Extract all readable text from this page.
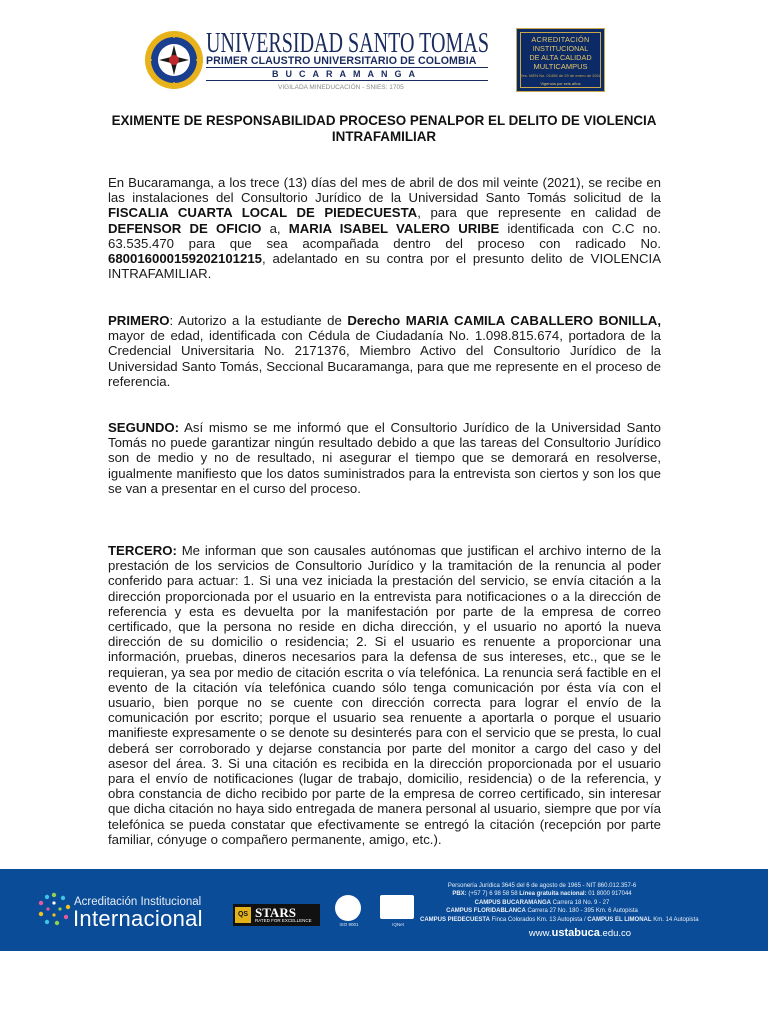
UNIVERSIDAD SANTO TOMAS
PRIMER CLAUSTRO UNIVERSITARIO DE COLOMBIA
BUCARAMANGA
VIGILADA MINEDUCACIÓN - SNIES: 1705
ACREDITACIÓN
INSTITUCIONAL
DE ALTA CALIDAD
MULTICAMPUS
Res. MEN No. 01456 de 29 de enero de 2016
Vigencia por seis años
EXIMENTE DE RESPONSABILIDAD PROCESO PENALPOR EL DELITO DE VIOLENCIA INTRAFAMILIAR
En Bucaramanga, a los trece (13) días del mes de abril de dos mil veinte (2021), se recibe en las instalaciones del Consultorio Jurídico de la Universidad Santo Tomás solicitud de la FISCALIA CUARTA LOCAL DE PIEDECUESTA, para que represente en calidad de DEFENSOR DE OFICIO a, MARIA ISABEL VALERO URIBE identificada con C.C no. 63.535.470 para que sea acompañada dentro del proceso con radicado No. 680016000159202101215, adelantado en su contra por el presunto delito de VIOLENCIA INTRAFAMILIAR.
PRIMERO: Autorizo a la estudiante de Derecho MARIA CAMILA CABALLERO BONILLA, mayor de edad, identificada con Cédula de Ciudadanía No. 1.098.815.674, portadora de la Credencial Universitaria No. 2171376, Miembro Activo del Consultorio Jurídico de la Universidad Santo Tomás, Seccional Bucaramanga, para que me represente en el proceso de referencia.
SEGUNDO: Así mismo se me informó que el Consultorio Jurídico de la Universidad Santo Tomás no puede garantizar ningún resultado debido a que las tareas del Consultorio Jurídico son de medio y no de resultado, ni asegurar el tiempo que se demorará en resolverse, igualmente manifiesto que los datos suministrados para la entrevista son ciertos y son los que se van a presentar en el curso del proceso.
TERCERO: Me informan que son causales autónomas que justifican el archivo interno de la prestación de los servicios de Consultorio Jurídico y la tramitación de la renuncia al poder conferido para actuar: 1. Si una vez iniciada la prestación del servicio, se envía citación a la dirección proporcionada por el usuario en la entrevista para notificaciones o a la dirección de referencia y esta es devuelta por la manifestación por parte de la empresa de correo certificado, que la persona no reside en dicha dirección, y el usuario no aportó la nueva dirección de su domicilio o residencia; 2. Si el usuario es renuente a proporcionar una información, pruebas, dineros necesarios para la defensa de sus intereses, etc., que se le requieran, ya sea por medio de citación escrita o vía telefónica. La renuncia será factible en el evento de la citación vía telefónica cuando sólo tenga comunicación por ésta vía con el usuario, bien porque no se cuente con dirección correcta para lograr el envío de la comunicación por escrito; porque el usuario sea renuente a aportarla o porque el usuario manifieste expresamente o se denote su desinterés para con el servicio que se presta, lo cual deberá ser corroborado y dejarse constancia por parte del monitor a cargo del caso y del asesor del área. 3. Si una citación es recibida en la dirección proporcionada por el usuario para el envío de notificaciones (lugar de trabajo, domicilio, residencia) o de la referencia, y obra constancia de dicho recibido por parte de la empresa de correo certificado, sin interesar que dicha citación no haya sido entregada de manera personal al usuario, siempre que por vía telefónica se pueda constatar que efectivamente se entregó la citación (recepción por parte familiar, cónyuge o compañero permanente, amigo, etc.).
Acreditación Institucional
Internacional	QS STARS
RATED FOR EXCELLENCE
ISO 9001	IQNet
Personería Jurídica 3645 del 6 de agosto de 1965 - NIT 860.012.357-6
PBX: (+57 7) 6 98 58 58 Línea gratuita nacional: 01 8000 917044
CAMPUS BUCARAMANGA Carrera 18 No. 9 - 27
CAMPUS FLORIDABLANCA Carrera 27 No. 180 - 395 Km. 6 Autopista
CAMPUS PIEDECUESTA Finca Colorados Km. 13 Autopista / CAMPUS EL LIMONAL Km. 14 Autopista
www.ustabuca.edu.co
